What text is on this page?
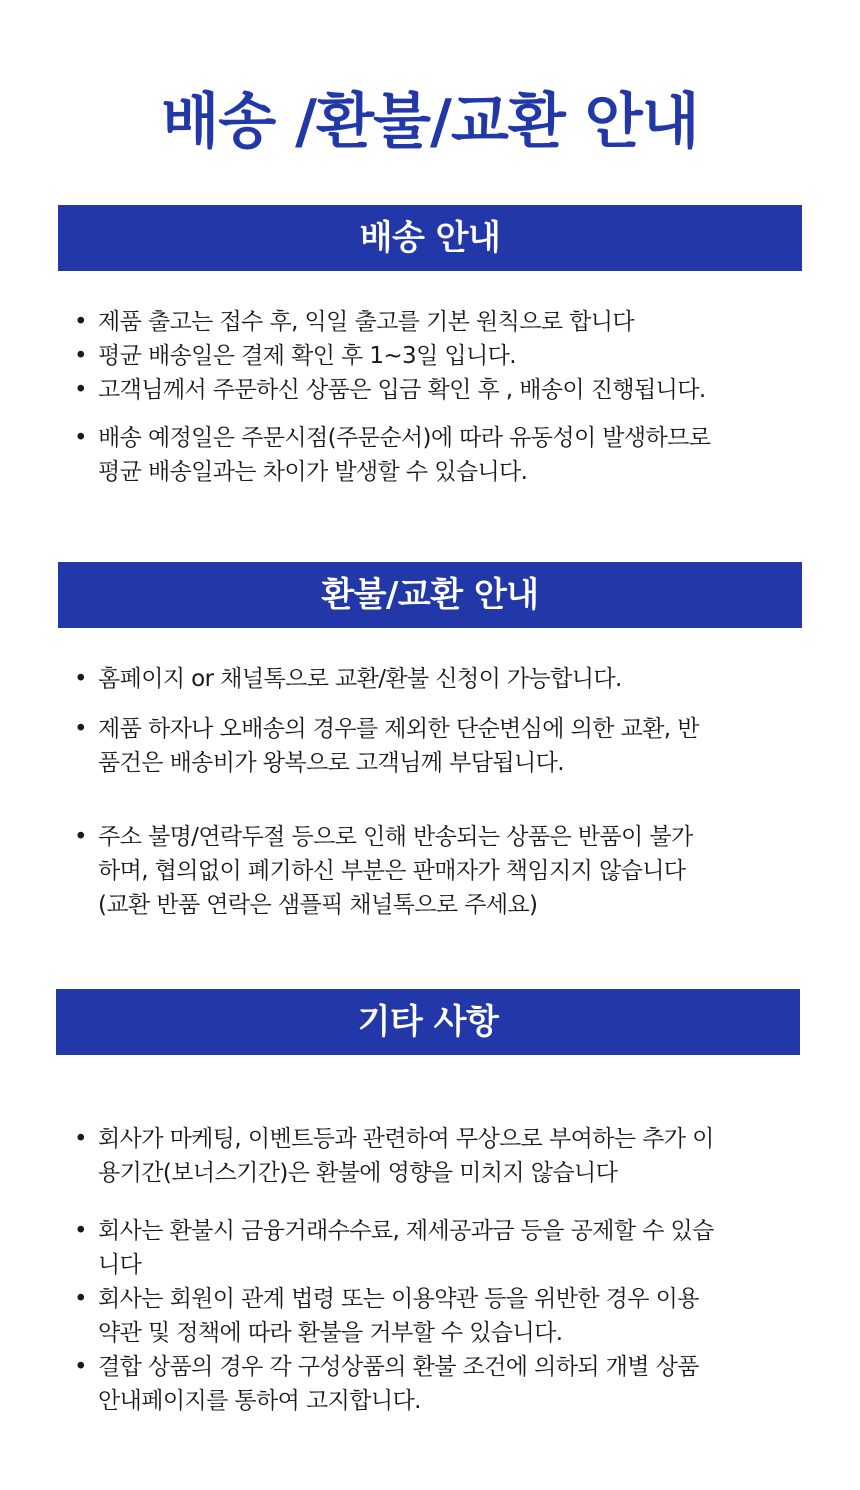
배송 /환불/교환 안내
배송 안내
• 제품 출고는 접수 후, 익일 출고를 기본 원칙으로 합니다
• 평균 배송일은 결제 확인 후 1~3일 입니다.
• 고객님께서 주문하신 상품은 입금 확인 후 , 배송이 진행됩니다.
• 배송 예정일은 주문시점(주문순서)에 따라 유동성이 발생하므로
평균 배송일과는 차이가 발생할 수 있습니다.
환불/교환 안내
• 홈페이지 or 채널톡으로 교환/환불 신청이 가능합니다.
• 제품 하자나 오배송의 경우를 제외한 단순변심에 의한 교환, 반
품건은 배송비가 왕복으로 고객님께 부담됩니다.
• 주소 불명/연락두절 등으로 인해 반송되는 상품은 반품이 불가
하며, 협의없이 폐기하신 부분은 판매자가 책임지지 않습니다
(교환 반품 연락은 샘플픽 채널톡으로 주세요)
기타 사항
• 회사가 마케팅, 이벤트등과 관련하여 무상으로 부여하는 추가 이
용기간(보너스기간)은 환불에 영향을 미치지 않습니다
• 회사는 환불시 금융거래수수료, 제세공과금 등을 공제할 수 있습
니다
• 회사는 회원이 관계 법령 또는 이용약관 등을 위반한 경우 이용
약관 및 정책에 따라 환불을 거부할 수 있습니다.
• 결합 상품의 경우 각 구성상품의 환불 조건에 의하되 개별 상품
안내페이지를 통하여 고지합니다.
